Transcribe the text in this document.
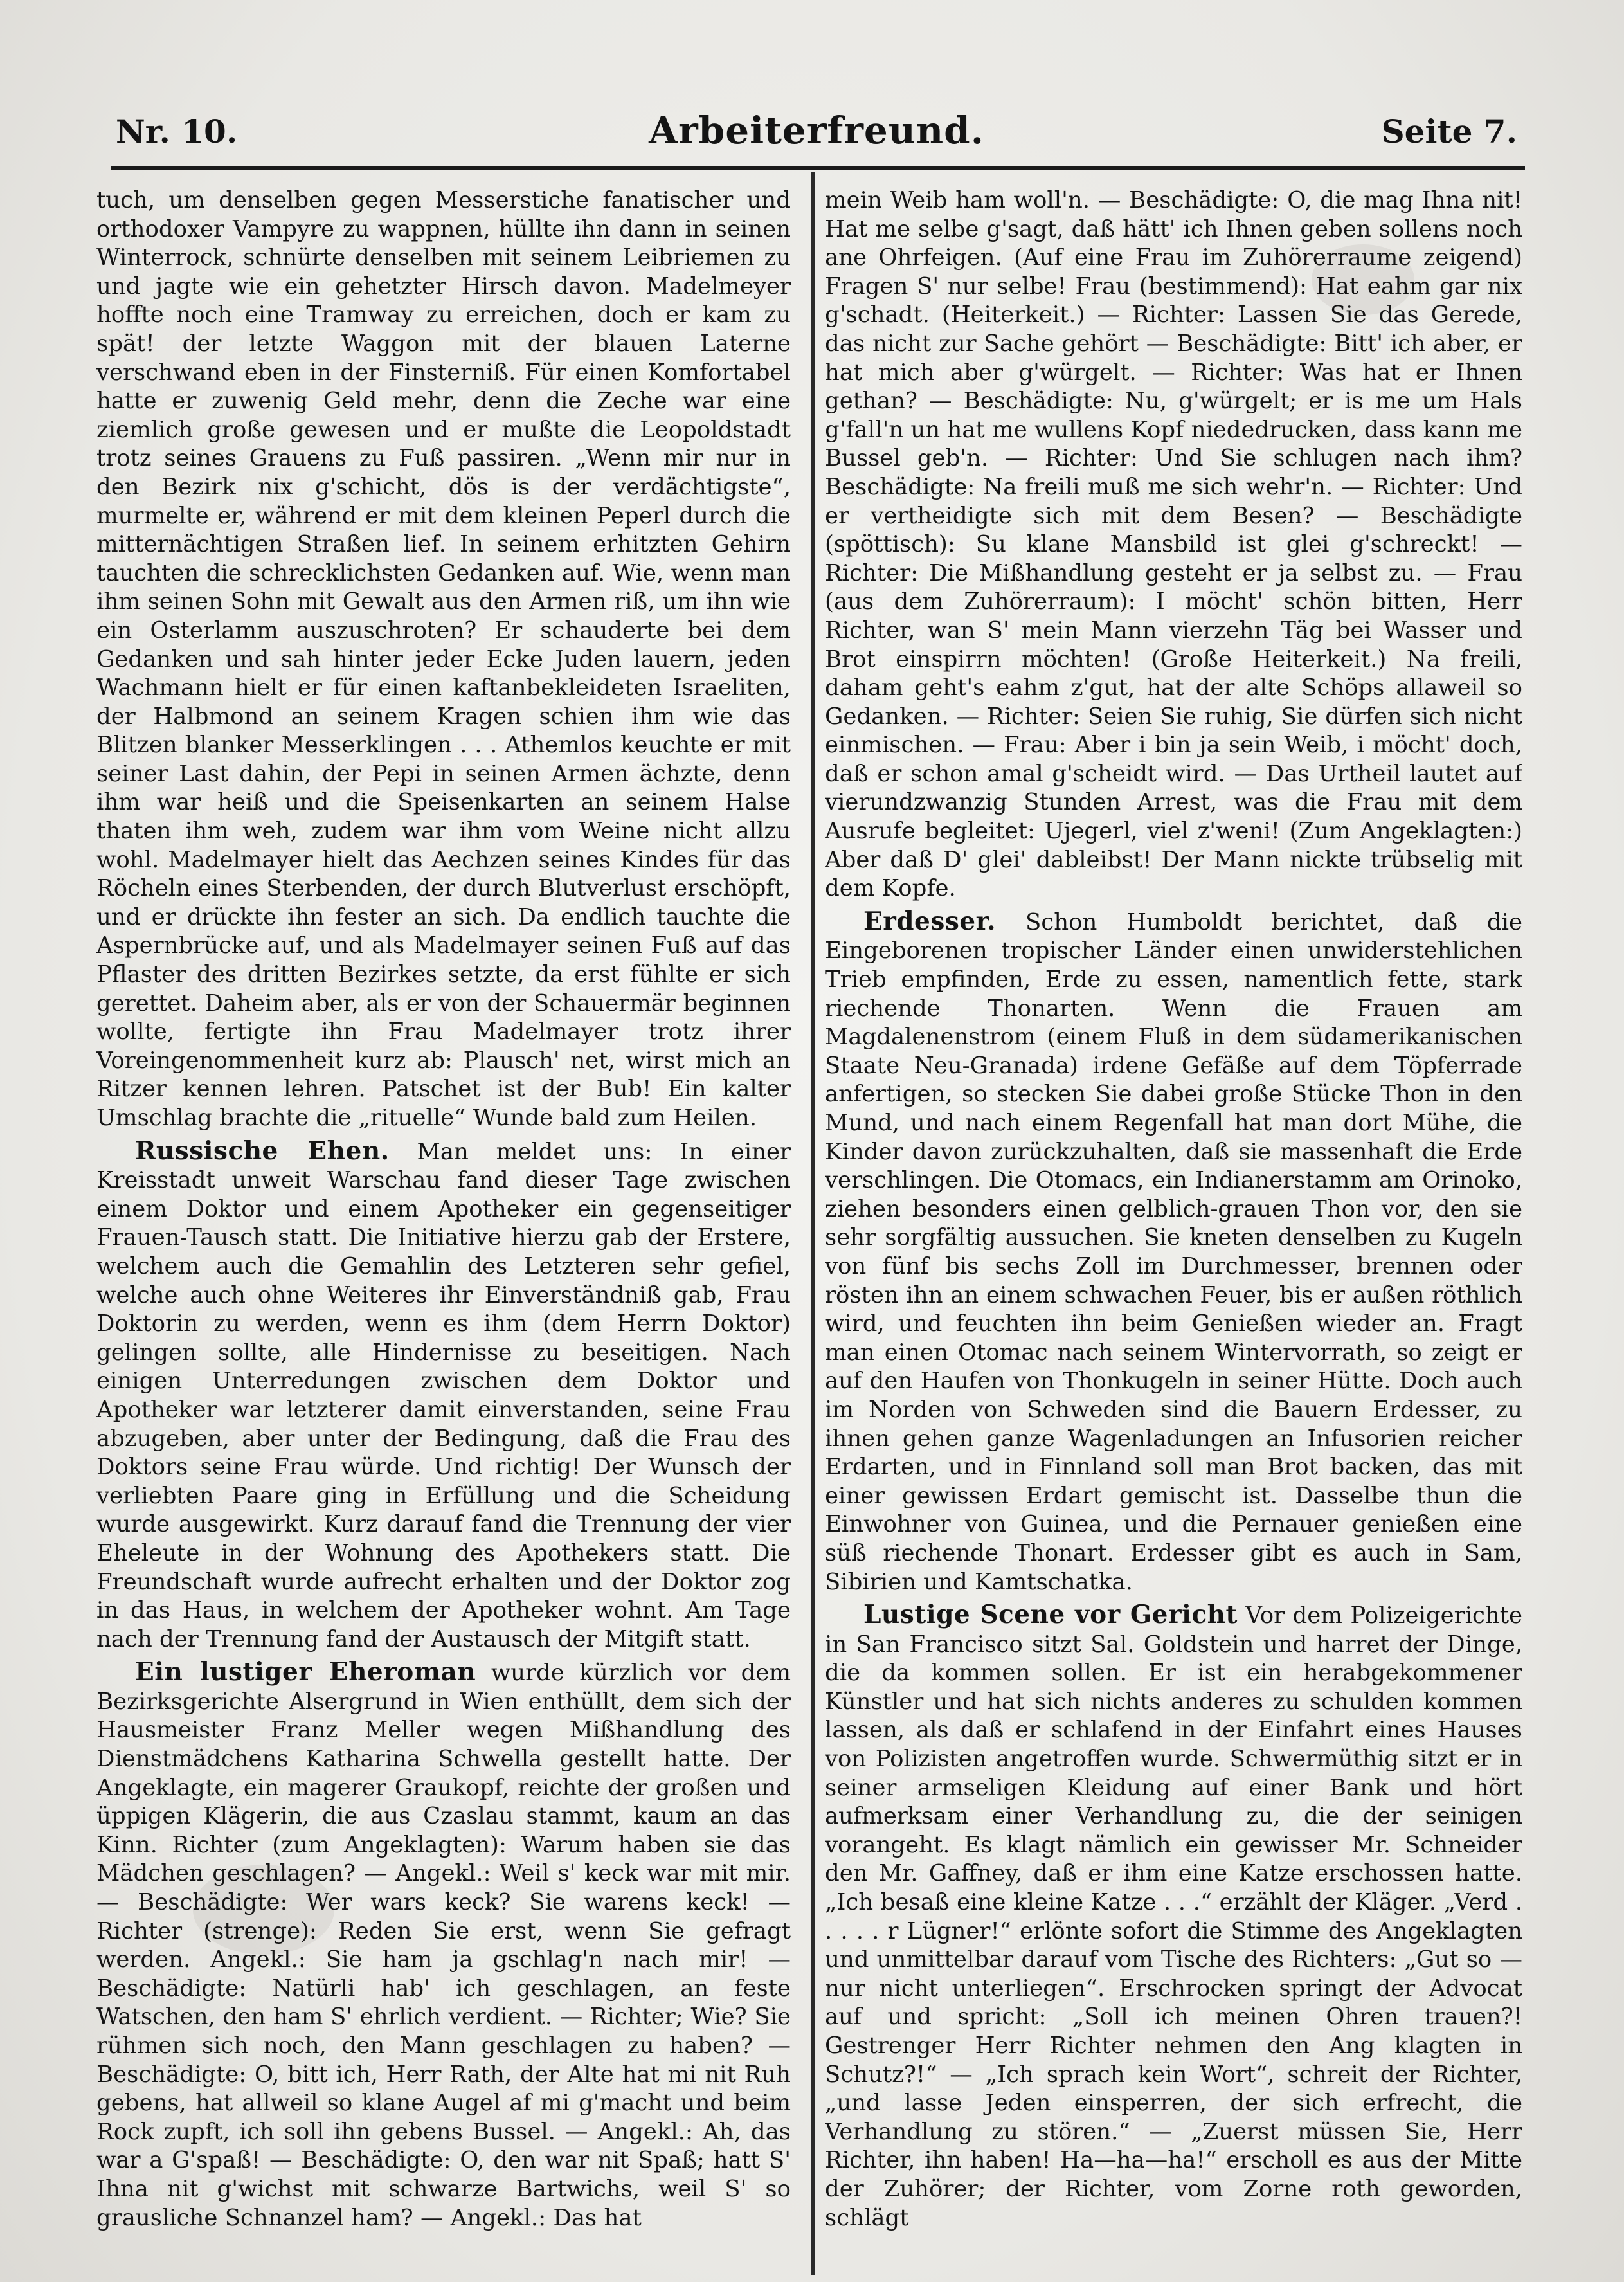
Nr. 10.	Arbeiterfreund.	Seite 7.

tuch, um denselben gegen Messerstiche fanatischer und orthodoxer Vampyre zu wappnen, hüllte ihn dann in seinen Winterrock, schnürte denselben mit seinem Leibriemen zu und jagte wie ein gehetzter Hirsch davon. Madelmeyer hoffte noch eine Tramway zu erreichen, doch er kam zu spät! der letzte Waggon mit der blauen Laterne verschwand eben in der Finsterniß. Für einen Komfortabel hatte er zuwenig Geld mehr, denn die Zeche war eine ziemlich große gewesen und er mußte die Leopoldstadt trotz seines Grauens zu Fuß passiren. „Wenn mir nur in den Bezirk nix g'schicht, dös is der verdächtigste“, murmelte er, während er mit dem kleinen Peperl durch die mitternächtigen Straßen lief. In seinem erhitzten Gehirn tauchten die schrecklichsten Gedanken auf. Wie, wenn man ihm seinen Sohn mit Gewalt aus den Armen riß, um ihn wie ein Osterlamm auszuschroten? Er schauderte bei dem Gedanken und sah hinter jeder Ecke Juden lauern, jeden Wachmann hielt er für einen kaftanbekleideten Israeliten, der Halbmond an seinem Kragen schien ihm wie das Blitzen blanker Messerklingen . . . Athemlos keuchte er mit seiner Last dahin, der Pepi in seinen Armen ächzte, denn ihm war heiß und die Speisenkarten an seinem Halse thaten ihm weh, zudem war ihm vom Weine nicht allzu wohl. Madelmayer hielt das Aechzen seines Kindes für das Röcheln eines Sterbenden, der durch Blutverlust erschöpft, und er drückte ihn fester an sich. Da endlich tauchte die Aspernbrücke auf, und als Madelmayer seinen Fuß auf das Pflaster des dritten Bezirkes setzte, da erst fühlte er sich gerettet. Daheim aber, als er von der Schauermär beginnen wollte, fertigte ihn Frau Madelmayer trotz ihrer Voreingenommenheit kurz ab: Plausch' net, wirst mich an Ritzer kennen lehren. Patschet ist der Bub! Ein kalter Umschlag brachte die „rituelle“ Wunde bald zum Heilen.

Russische Ehen. Man meldet uns: In einer Kreisstadt unweit Warschau fand dieser Tage zwischen einem Doktor und einem Apotheker ein gegenseitiger Frauen-Tausch statt. Die Initiative hierzu gab der Erstere, welchem auch die Gemahlin des Letzteren sehr gefiel, welche auch ohne Weiteres ihr Einverständniß gab, Frau Doktorin zu werden, wenn es ihm (dem Herrn Doktor) gelingen sollte, alle Hindernisse zu beseitigen. Nach einigen Unterredungen zwischen dem Doktor und Apotheker war letzterer damit einverstanden, seine Frau abzugeben, aber unter der Bedingung, daß die Frau des Doktors seine Frau würde. Und richtig! Der Wunsch der verliebten Paare ging in Erfüllung und die Scheidung wurde ausgewirkt. Kurz darauf fand die Trennung der vier Eheleute in der Wohnung des Apothekers statt. Die Freundschaft wurde aufrecht erhalten und der Doktor zog in das Haus, in welchem der Apotheker wohnt. Am Tage nach der Trennung fand der Austausch der Mitgift statt.

Ein lustiger Eheroman wurde kürzlich vor dem Bezirksgerichte Alsergrund in Wien enthüllt, dem sich der Hausmeister Franz Meller wegen Mißhandlung des Dienstmädchens Katharina Schwella gestellt hatte. Der Angeklagte, ein magerer Graukopf, reichte der großen und üppigen Klägerin, die aus Czaslau stammt, kaum an das Kinn. Richter (zum Angeklagten): Warum haben sie das Mädchen geschlagen? — Angekl.: Weil s' keck war mit mir. — Beschädigte: Wer wars keck? Sie warens keck! — Richter (strenge): Reden Sie erst, wenn Sie gefragt werden. Angekl.: Sie ham ja gschlag'n nach mir! — Beschädigte: Natürli hab' ich geschlagen, an feste Watschen, den ham S' ehrlich verdient. — Richter; Wie? Sie rühmen sich noch, den Mann geschlagen zu haben? — Beschädigte: O, bitt ich, Herr Rath, der Alte hat mi nit Ruh gebens, hat allweil so klane Augel af mi g'macht und beim Rock zupft, ich soll ihn gebens Bussel. — Angekl.: Ah, das war a G'spaß! — Beschädigte: O, den war nit Spaß; hatt S' Ihna nit g'wichst mit schwarze Bartwichs, weil S' so grausliche Schnanzel ham? — Angekl.: Das hat

mein Weib ham woll'n. — Beschädigte: O, die mag Ihna nit! Hat me selbe g'sagt, daß hätt' ich Ihnen geben sollens noch ane Ohrfeigen. (Auf eine Frau im Zuhörerraume zeigend) Fragen S' nur selbe! Frau (bestimmend): Hat eahm gar nix g'schadt. (Heiterkeit.) — Richter: Lassen Sie das Gerede, das nicht zur Sache gehört — Beschädigte: Bitt' ich aber, er hat mich aber g'würgelt. — Richter: Was hat er Ihnen gethan? — Beschädigte: Nu, g'würgelt; er is me um Hals g'fall'n un hat me wullens Kopf niededrucken, dass kann me Bussel geb'n. — Richter: Und Sie schlugen nach ihm? Beschädigte: Na freili muß me sich wehr'n. — Richter: Und er vertheidigte sich mit dem Besen? — Beschädigte (spöttisch): Su klane Mansbild ist glei g'schreckt! — Richter: Die Mißhandlung gesteht er ja selbst zu. — Frau (aus dem Zuhörerraum): I möcht' schön bitten, Herr Richter, wan S' mein Mann vierzehn Täg bei Wasser und Brot einspirrn möchten! (Große Heiterkeit.) Na freili, daham geht's eahm z'gut, hat der alte Schöps allaweil so Gedanken. — Richter: Seien Sie ruhig, Sie dürfen sich nicht einmischen. — Frau: Aber i bin ja sein Weib, i möcht' doch, daß er schon amal g'scheidt wird. — Das Urtheil lautet auf vierundzwanzig Stunden Arrest, was die Frau mit dem Ausrufe begleitet: Ujegerl, viel z'weni! (Zum Angeklagten:) Aber daß D' glei' dableibst! Der Mann nickte trübselig mit dem Kopfe.

Erdesser. Schon Humboldt berichtet, daß die Eingeborenen tropischer Länder einen unwiderstehlichen Trieb empfinden, Erde zu essen, namentlich fette, stark riechende Thonarten. Wenn die Frauen am Magdalenenstrom (einem Fluß in dem südamerikanischen Staate Neu-Granada) irdene Gefäße auf dem Töpferrade anfertigen, so stecken Sie dabei große Stücke Thon in den Mund, und nach einem Regenfall hat man dort Mühe, die Kinder davon zurückzuhalten, daß sie massenhaft die Erde verschlingen. Die Otomacs, ein Indianerstamm am Orinoko, ziehen besonders einen gelblich-grauen Thon vor, den sie sehr sorgfältig aussuchen. Sie kneten denselben zu Kugeln von fünf bis sechs Zoll im Durchmesser, brennen oder rösten ihn an einem schwachen Feuer, bis er außen röthlich wird, und feuchten ihn beim Genießen wieder an. Fragt man einen Otomac nach seinem Wintervorrath, so zeigt er auf den Haufen von Thonkugeln in seiner Hütte. Doch auch im Norden von Schweden sind die Bauern Erdesser, zu ihnen gehen ganze Wagenladungen an Infusorien reicher Erdarten, und in Finnland soll man Brot backen, das mit einer gewissen Erdart gemischt ist. Dasselbe thun die Einwohner von Guinea, und die Pernauer genießen eine süß riechende Thonart. Erdesser gibt es auch in Sam, Sibirien und Kamtschatka.

Lustige Scene vor Gericht Vor dem Polizeigerichte in San Francisco sitzt Sal. Goldstein und harret der Dinge, die da kommen sollen. Er ist ein herabgekommener Künstler und hat sich nichts anderes zu schulden kommen lassen, als daß er schlafend in der Einfahrt eines Hauses von Polizisten angetroffen wurde. Schwermüthig sitzt er in seiner armseligen Kleidung auf einer Bank und hört aufmerksam einer Verhandlung zu, die der seinigen vorangeht. Es klagt nämlich ein gewisser Mr. Schneider den Mr. Gaffney, daß er ihm eine Katze erschossen hatte. „Ich besaß eine kleine Katze . . .“ erzählt der Kläger. „Verd . . . . . r Lügner!“ erlönte sofort die Stimme des Angeklagten und unmittelbar darauf vom Tische des Richters: „Gut so — nur nicht unterliegen“. Erschrocken springt der Advocat auf und spricht: „Soll ich meinen Ohren trauen?! Gestrenger Herr Richter nehmen den Ang klagten in Schutz?!“ — „Ich sprach kein Wort“, schreit der Richter, „und lasse Jeden einsperren, der sich erfrecht, die Verhandlung zu stören.“ — „Zuerst müssen Sie, Herr Richter, ihn haben! Ha—ha—ha!“ erscholl es aus der Mitte der Zuhörer; der Richter, vom Zorne roth geworden, schlägt
